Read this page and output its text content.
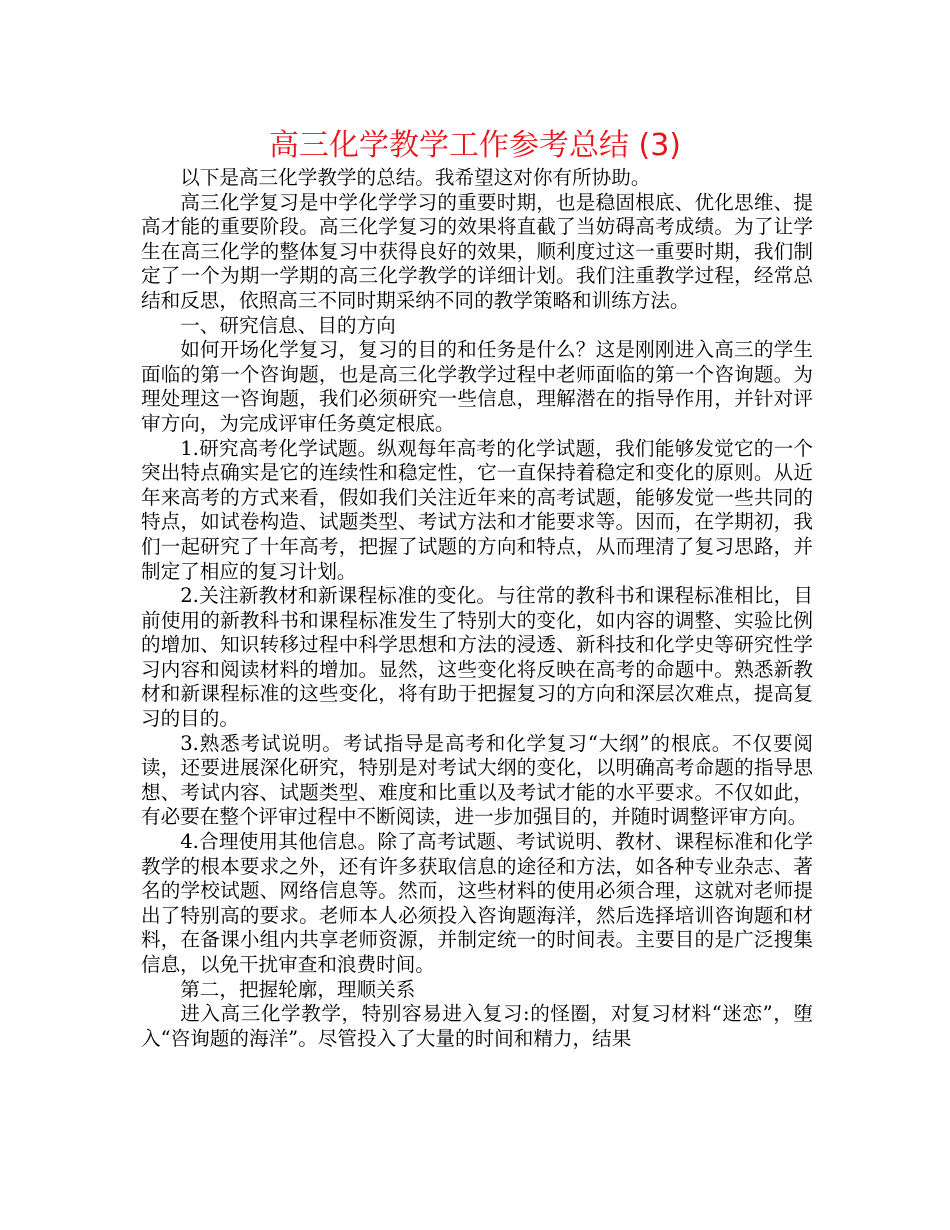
高三化学教学工作参考总结 (3)

以下是高三化学教学的总结。我希望这对你有所协助。

高三化学复习是中学化学学习的重要时期，也是稳固根底、优化思维、提高才能的重要阶段。高三化学复习的效果将直截了当妨碍高考成绩。为了让学生在高三化学的整体复习中获得良好的效果，顺利度过这一重要时期，我们制定了一个为期一学期的高三化学教学的详细计划。我们注重教学过程，经常总结和反思，依照高三不同时期采纳不同的教学策略和训练方法。

一、研究信息、目的方向

如何开场化学复习，复习的目的和任务是什么？这是刚刚进入高三的学生面临的第一个咨询题，也是高三化学教学过程中老师面临的第一个咨询题。为理处理这一咨询题，我们必须研究一些信息，理解潜在的指导作用，并针对评审方向，为完成评审任务奠定根底。

1.研究高考化学试题。纵观每年高考的化学试题，我们能够发觉它的一个突出特点确实是它的连续性和稳定性，它一直保持着稳定和变化的原则。从近年来高考的方式来看，假如我们关注近年来的高考试题，能够发觉一些共同的特点，如试卷构造、试题类型、考试方法和才能要求等。因而，在学期初，我们一起研究了十年高考，把握了试题的方向和特点，从而理清了复习思路，并制定了相应的复习计划。

2.关注新教材和新课程标准的变化。与往常的教科书和课程标准相比，目前使用的新教科书和课程标准发生了特别大的变化，如内容的调整、实验比例的增加、知识转移过程中科学思想和方法的浸透、新科技和化学史等研究性学习内容和阅读材料的增加。显然，这些变化将反映在高考的命题中。熟悉新教材和新课程标准的这些变化，将有助于把握复习的方向和深层次难点，提高复习的目的。

3.熟悉考试说明。考试指导是高考和化学复习“大纲”的根底。不仅要阅读，还要进展深化研究，特别是对考试大纲的变化，以明确高考命题的指导思想、考试内容、试题类型、难度和比重以及考试才能的水平要求。不仅如此，有必要在整个评审过程中不断阅读，进一步加强目的，并随时调整评审方向。

4.合理使用其他信息。除了高考试题、考试说明、教材、课程标准和化学教学的根本要求之外，还有许多获取信息的途径和方法，如各种专业杂志、著名的学校试题、网络信息等。然而，这些材料的使用必须合理，这就对老师提出了特别高的要求。老师本人必须投入咨询题海洋，然后选择培训咨询题和材料，在备课小组内共享老师资源，并制定统一的时间表。主要目的是广泛搜集信息，以免干扰审查和浪费时间。

第二，把握轮廓，理顺关系

进入高三化学教学，特别容易进入复习:的怪圈，对复习材料“迷恋”，堕入“咨询题的海洋”。尽管投入了大量的时间和精力，结果
